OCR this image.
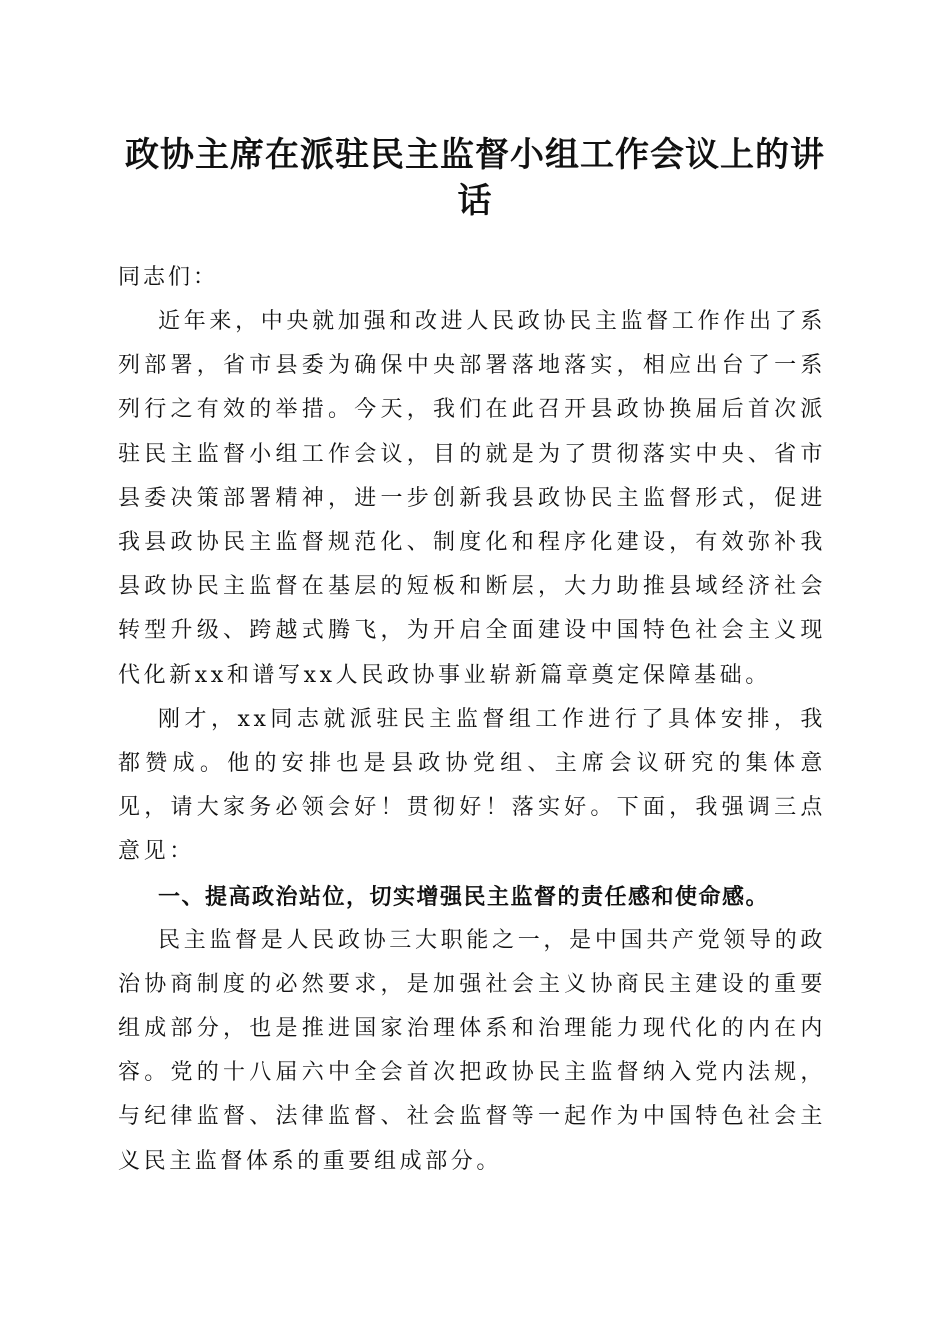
政协主席在派驻民主监督小组工作会议上的讲话

同志们：

近年来，中央就加强和改进人民政协民主监督工作作出了系列部署，省市县委为确保中央部署落地落实，相应出台了一系列行之有效的举措。今天，我们在此召开县政协换届后首次派驻民主监督小组工作会议，目的就是为了贯彻落实中央、省市县委决策部署精神，进一步创新我县政协民主监督形式，促进我县政协民主监督规范化、制度化和程序化建设，有效弥补我县政协民主监督在基层的短板和断层，大力助推县域经济社会转型升级、跨越式腾飞，为开启全面建设中国特色社会主义现代化新xx和谱写xx人民政协事业崭新篇章奠定保障基础。

刚才，xx同志就派驻民主监督组工作进行了具体安排，我都赞成。他的安排也是县政协党组、主席会议研究的集体意见，请大家务必领会好！贯彻好！落实好。下面，我强调三点意见：

一、提高政治站位，切实增强民主监督的责任感和使命感。

民主监督是人民政协三大职能之一，是中国共产党领导的政治协商制度的必然要求，是加强社会主义协商民主建设的重要组成部分，也是推进国家治理体系和治理能力现代化的内在内容。党的十八届六中全会首次把政协民主监督纳入党内法规，与纪律监督、法律监督、社会监督等一起作为中国特色社会主义民主监督体系的重要组成部分。
